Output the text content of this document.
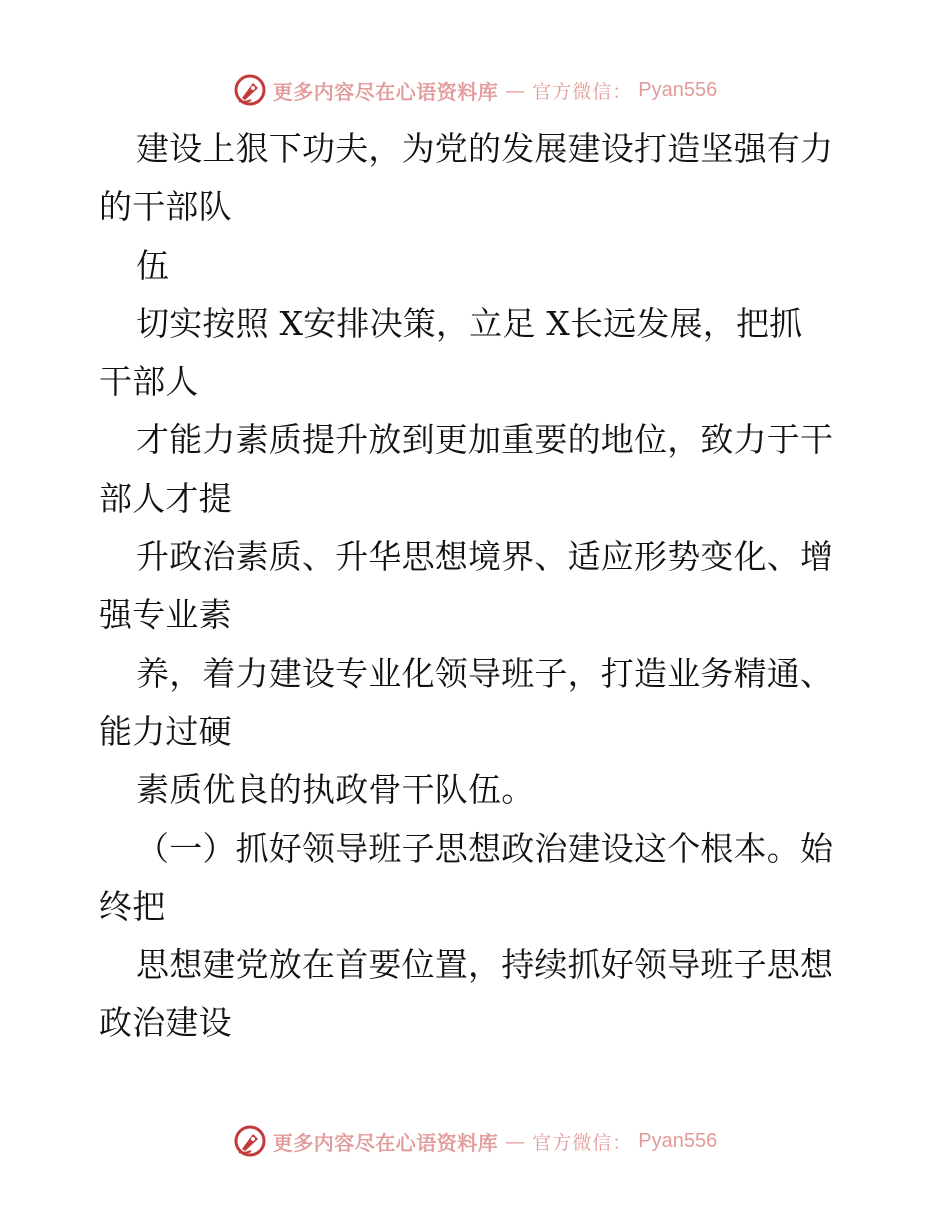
更多内容尽在心语资料库 — 官方微信： Pyan556
建设上狠下功夫，为党的发展建设打造坚强有力
的干部队
伍
切实按照 X安排决策，立足 X长远发展，把抓
干部人
才能力素质提升放到更加重要的地位，致力于干
部人才提
升政治素质、升华思想境界、适应形势变化、增
强专业素
养，着力建设专业化领导班子，打造业务精通、
能力过硬
素质优良的执政骨干队伍。
（一）抓好领导班子思想政治建设这个根本。始
终把
思想建党放在首要位置，持续抓好领导班子思想
政治建设
更多内容尽在心语资料库 — 官方微信： Pyan556
